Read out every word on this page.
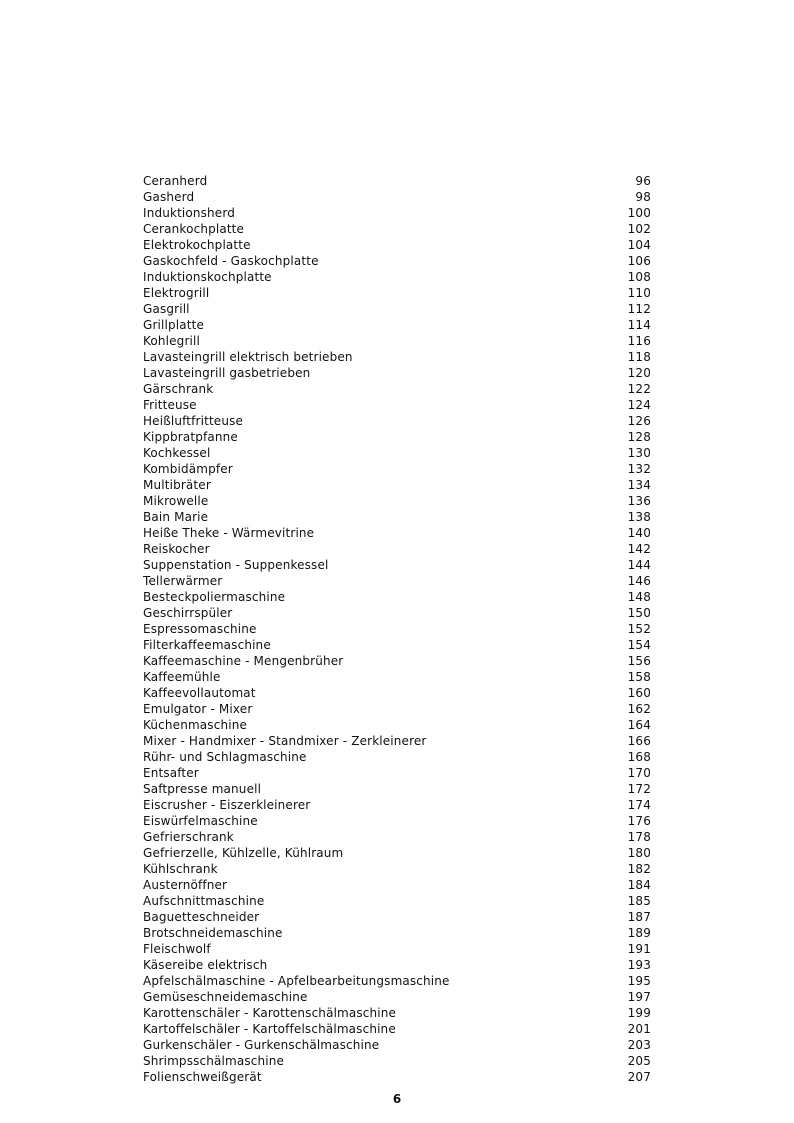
Ceranherd	96
Gasherd	98
Induktionsherd	100
Cerankochplatte	102
Elektrokochplatte	104
Gaskochfeld - Gaskochplatte	106
Induktionskochplatte	108
Elektrogrill	110
Gasgrill	112
Grillplatte	114
Kohlegrill	116
Lavasteingrill elektrisch betrieben	118
Lavasteingrill gasbetrieben	120
Gärschrank	122
Fritteuse	124
Heißluftfritteuse	126
Kippbratpfanne	128
Kochkessel	130
Kombidämpfer	132
Multibräter	134
Mikrowelle	136
Bain Marie	138
Heiße Theke - Wärmevitrine	140
Reiskocher	142
Suppenstation - Suppenkessel	144
Tellerwärmer	146
Besteckpoliermaschine	148
Geschirrspüler	150
Espressomaschine	152
Filterkaffeemaschine	154
Kaffeemaschine - Mengenbrüher	156
Kaffeemühle	158
Kaffeevollautomat	160
Emulgator - Mixer	162
Küchenmaschine	164
Mixer - Handmixer - Standmixer - Zerkleinerer	166
Rühr- und Schlagmaschine	168
Entsafter	170
Saftpresse manuell	172
Eiscrusher - Eiszerkleinerer	174
Eiswürfelmaschine	176
Gefrierschrank	178
Gefrierzelle, Kühlzelle, Kühlraum	180
Kühlschrank	182
Austernöffner	184
Aufschnittmaschine	185
Baguetteschneider	187
Brotschneidemaschine	189
Fleischwolf	191
Käsereibe elektrisch	193
Apfelschälmaschine - Apfelbearbeitungsmaschine	195
Gemüseschneidemaschine	197
Karottenschäler - Karottenschälmaschine	199
Kartoffelschäler - Kartoffelschälmaschine	201
Gurkenschäler - Gurkenschälmaschine	203
Shrimpsschälmaschine	205
Folienschweißgerät	207
6
